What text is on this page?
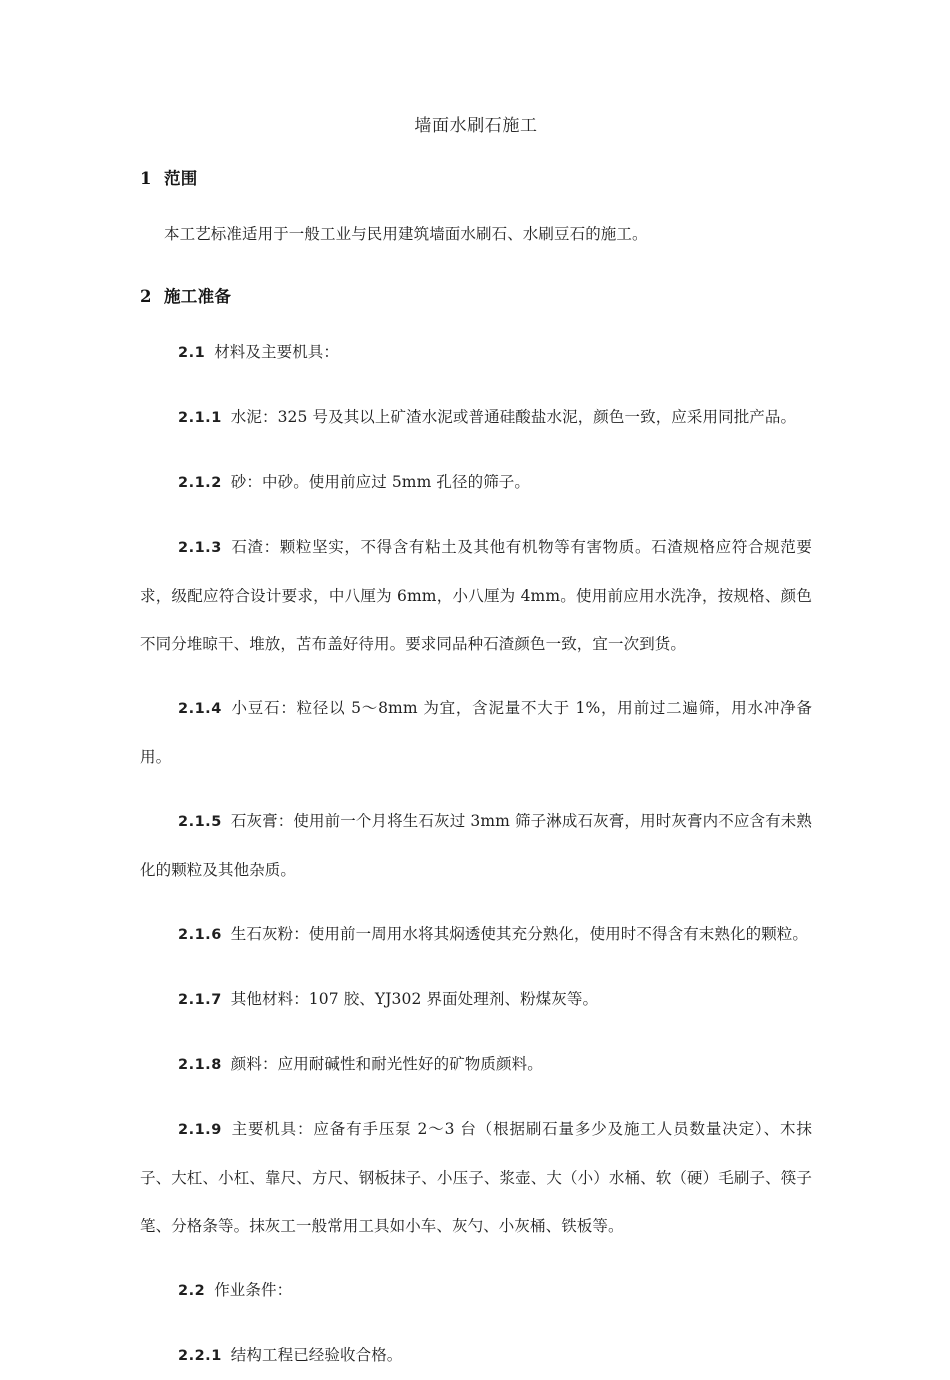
墙面水刷石施工
1 范围

本工艺标准适用于一般工业与民用建筑墙面水刷石、水刷豆石的施工。

2 施工准备

2.1 材料及主要机具：

2.1.1 水泥：325 号及其以上矿渣水泥或普通硅酸盐水泥，颜色一致，应采用同批产品。

2.1.2 砂：中砂。使用前应过 5mm 孔径的筛子。

2.1.3 石渣：颗粒坚实，不得含有粘土及其他有机物等有害物质。石渣规格应符合规范要求，级配应符合设计要求，中八厘为 6mm，小八厘为 4mm。使用前应用水洗净，按规格、颜色不同分堆晾干、堆放，苫布盖好待用。要求同品种石渣颜色一致，宜一次到货。

2.1.4 小豆石：粒径以 5～8mm 为宜，含泥量不大于 1%，用前过二遍筛，用水冲净备用。

2.1.5 石灰膏：使用前一个月将生石灰过 3mm 筛子淋成石灰膏，用时灰膏内不应含有未熟化的颗粒及其他杂质。

2.1.6 生石灰粉：使用前一周用水将其焖透使其充分熟化，使用时不得含有末熟化的颗粒。

2.1.7 其他材料：107 胶、YJ302 界面处理剂、粉煤灰等。

2.1.8 颜料：应用耐碱性和耐光性好的矿物质颜料。

2.1.9 主要机具：应备有手压泵 2～3 台（根据刷石量多少及施工人员数量决定）、木抹子、大杠、小杠、靠尺、方尺、钢板抹子、小压子、浆壶、大（小）水桶、软（硬）毛刷子、筷子笔、分格条等。抹灰工一般常用工具如小车、灰勺、小灰桶、铁板等。

2.2 作业条件：

2.2.1 结构工程已经验收合格。
